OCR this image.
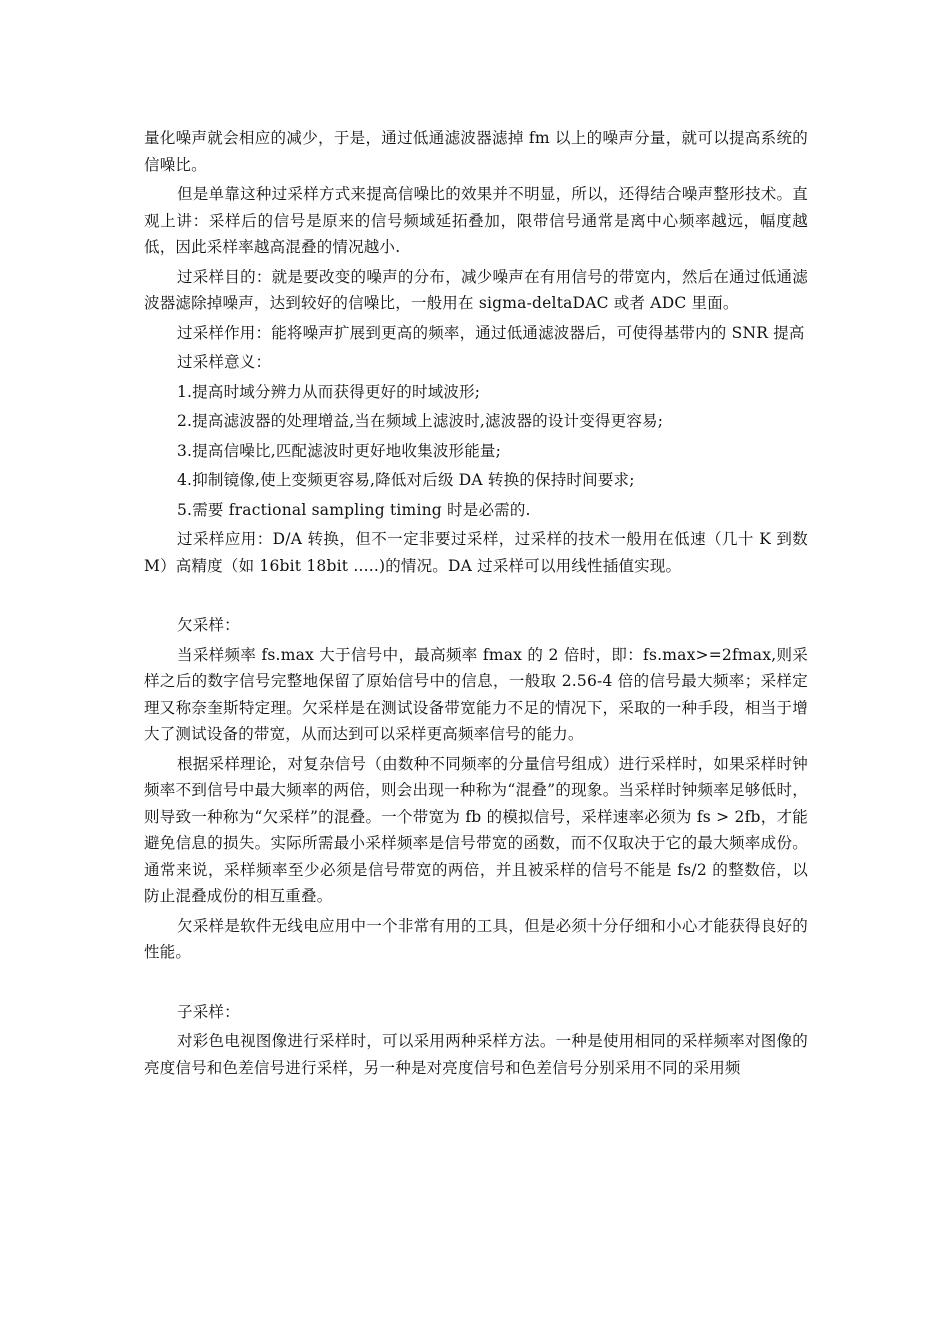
量化噪声就会相应的减少，于是，通过低通滤波器滤掉 fm 以上的噪声分量，就可以提高系统的信噪比。

但是单靠这种过采样方式来提高信噪比的效果并不明显，所以，还得结合噪声整形技术。直观上讲：采样后的信号是原来的信号频域延拓叠加，限带信号通常是离中心频率越远，幅度越低，因此采样率越高混叠的情况越小.

过采样目的：就是要改变的噪声的分布，减少噪声在有用信号的带宽内，然后在通过低通滤波器滤除掉噪声，达到较好的信噪比，一般用在 sigma-deltaDAC 或者 ADC 里面。

过采样作用：能将噪声扩展到更高的频率，通过低通滤波器后，可使得基带内的 SNR 提高

过采样意义：

1.提高时域分辨力从而获得更好的时域波形;

2.提高滤波器的处理增益,当在频域上滤波时,滤波器的设计变得更容易;

3.提高信噪比,匹配滤波时更好地收集波形能量;

4.抑制镜像,使上变频更容易,降低对后级 DA 转换的保持时间要求;

5.需要 fractional sampling timing 时是必需的.

过采样应用：D/A 转换，但不一定非要过采样，过采样的技术一般用在低速（几十 K 到数 M）高精度（如 16bit 18bit .....)的情况。DA 过采样可以用线性插值实现。

欠采样：

当采样频率 fs.max 大于信号中，最高频率 fmax 的 2 倍时，即：fs.max>=2fmax,则采样之后的数字信号完整地保留了原始信号中的信息，一般取 2.56-4 倍的信号最大频率；采样定理又称奈奎斯特定理。欠采样是在测试设备带宽能力不足的情况下，采取的一种手段，相当于增大了测试设备的带宽，从而达到可以采样更高频率信号的能力。

根据采样理论，对复杂信号（由数种不同频率的分量信号组成）进行采样时，如果采样时钟频率不到信号中最大频率的两倍，则会出现一种称为“混叠”的现象。当采样时钟频率足够低时，则导致一种称为“欠采样”的混叠。一个带宽为 fb 的模拟信号，采样速率必须为 fs > 2fb，才能避免信息的损失。实际所需最小采样频率是信号带宽的函数，而不仅取决于它的最大频率成份。通常来说，采样频率至少必须是信号带宽的两倍，并且被采样的信号不能是 fs/2 的整数倍，以防止混叠成份的相互重叠。

欠采样是软件无线电应用中一个非常有用的工具，但是必须十分仔细和小心才能获得良好的性能。

子采样：

对彩色电视图像进行采样时，可以采用两种采样方法。一种是使用相同的采样频率对图像的亮度信号和色差信号进行采样，另一种是对亮度信号和色差信号分别采用不同的采用频
